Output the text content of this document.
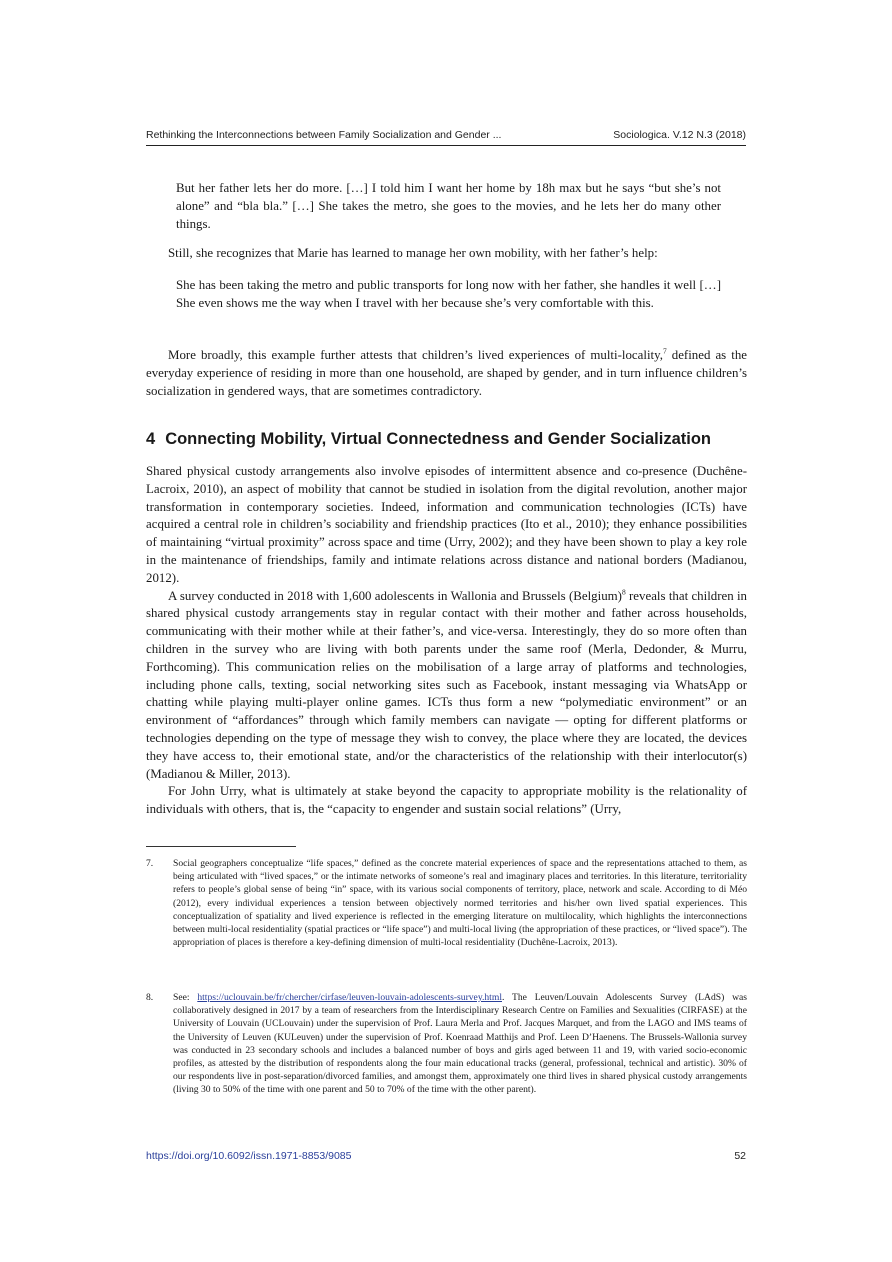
Rethinking the Interconnections between Family Socialization and Gender ...	Sociologica. V.12 N.3 (2018)

But her father lets her do more. […] I told him I want her home by 18h max but he says “but she’s not alone” and “bla bla.” […] She takes the metro, she goes to the movies, and he lets her do many other things.

Still, she recognizes that Marie has learned to manage her own mobility, with her father’s help:

She has been taking the metro and public transports for long now with her father, she handles it well […] She even shows me the way when I travel with her because she’s very comfortable with this.

More broadly, this example further attests that children’s lived experiences of multi-locality,$^7$ defined as the everyday experience of residing in more than one household, are shaped by gender, and in turn influence children’s socialization in gendered ways, that are sometimes contradictory.

4 Connecting Mobility, Virtual Connectedness and Gender Socialization

Shared physical custody arrangements also involve episodes of intermittent absence and co-presence (Duchêne-Lacroix, 2010), an aspect of mobility that cannot be studied in isolation from the digital revolution, another major transformation in contemporary societies. Indeed, information and communication technologies (ICTs) have acquired a central role in children’s sociability and friendship practices (Ito et al., 2010); they enhance possibilities of maintaining “virtual proximity” across space and time (Urry, 2002); and they have been shown to play a key role in the maintenance of friendships, family and intimate relations across distance and national borders (Madianou, 2012).

A survey conducted in 2018 with 1,600 adolescents in Wallonia and Brussels (Belgium)$^8$ reveals that children in shared physical custody arrangements stay in regular contact with their mother and father across households, communicating with their mother while at their father’s, and vice-versa. Interestingly, they do so more often than children in the survey who are living with both parents under the same roof (Merla, Dedonder, & Murru, Forthcoming). This communication relies on the mobilisation of a large array of platforms and technologies, including phone calls, texting, social networking sites such as Facebook, instant messaging via WhatsApp or chatting while playing multi-player online games. ICTs thus form a new “polymediatic environment” or an environment of “affordances” through which family members can navigate — opting for different platforms or technologies depending on the type of message they wish to convey, the place where they are located, the devices they have access to, their emotional state, and/or the characteristics of the relationship with their interlocutor(s) (Madianou & Miller, 2013).

For John Urry, what is ultimately at stake beyond the capacity to appropriate mobility is the relationality of individuals with others, that is, the “capacity to engender and sustain social relations” (Urry,

7. Social geographers conceptualize “life spaces,” defined as the concrete material experiences of space and the representations attached to them, as being articulated with “lived spaces,” or the intimate networks of someone’s real and imaginary places and territories. In this literature, territoriality refers to people’s global sense of being “in” space, with its various social components of territory, place, network and scale. According to di Méo (2012), every individual experiences a tension between objectively normed territories and his/her own lived spatial experiences. This conceptualization of spatiality and lived experience is reflected in the emerging literature on multilocality, which highlights the interconnections between multi-local residentiality (spatial practices or “life space”) and multi-local living (the appropriation of these practices, or “lived space”). The appropriation of places is therefore a key-defining dimension of multi-local residentiality (Duchêne-Lacroix, 2013).
8. See: https://uclouvain.be/fr/chercher/cirfase/leuven-louvain-adolescents-survey.html. The Leuven/Louvain Adolescents Survey (LAdS) was collaboratively designed in 2017 by a team of researchers from the Interdisciplinary Research Centre on Families and Sexualities (CIRFASE) at the University of Louvain (UCLouvain) under the supervision of Prof. Laura Merla and Prof. Jacques Marquet, and from the LAGO and IMS teams of the University of Leuven (KULeuven) under the supervision of Prof. Koenraad Matthijs and Prof. Leen D’Haenens. The Brussels-Wallonia survey was conducted in 23 secondary schools and includes a balanced number of boys and girls aged between 11 and 19, with varied socio-economic profiles, as attested by the distribution of respondents along the four main educational tracks (general, professional, technical and artistic). 30% of our respondents live in post-separation/divorced families, and amongst them, approximately one third lives in shared physical custody arrangements (living 30 to 50% of the time with one parent and 50 to 70% of the time with the other parent).
https://doi.org/10.6092/issn.1971-8853/9085	52
